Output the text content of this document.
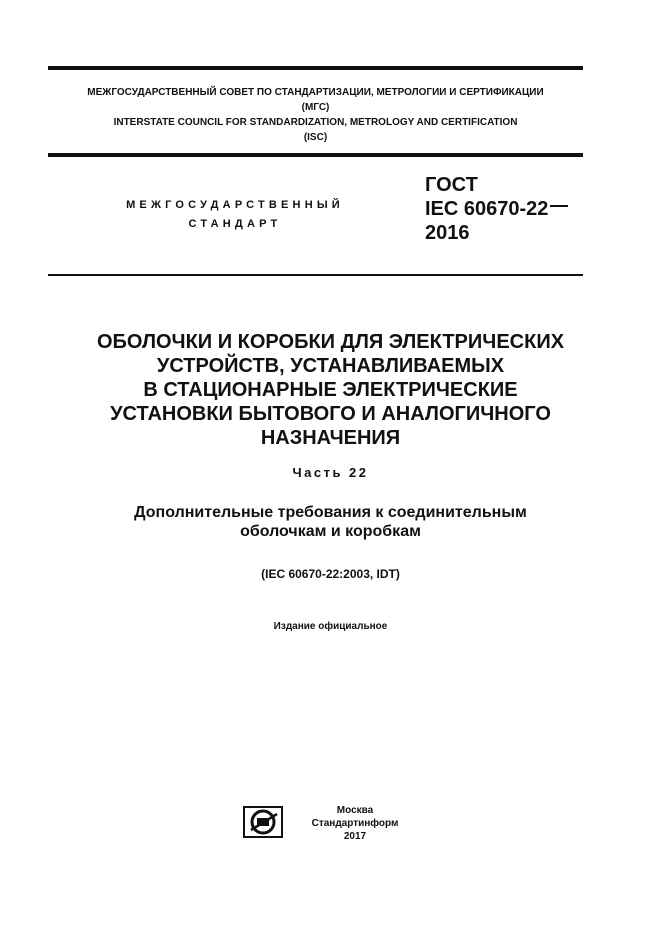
МЕЖГОСУДАРСТВЕННЫЙ СОВЕТ ПО СТАНДАРТИЗАЦИИ, МЕТРОЛОГИИ И СЕРТИФИКАЦИИ
(МГС)
INTERSTATE COUNCIL FOR STANDARDIZATION, METROLOGY AND CERTIFICATION
(ISC)
МЕЖГОСУДАРСТВЕННЫЙ
СТАНДАРТ
ГОСТ
IEC 60670-22
2016
ОБОЛОЧКИ И КОРОБКИ ДЛЯ ЭЛЕКТРИЧЕСКИХ
УСТРОЙСТВ, УСТАНАВЛИВАЕМЫХ
В СТАЦИОНАРНЫЕ ЭЛЕКТРИЧЕСКИЕ
УСТАНОВКИ БЫТОВОГО И АНАЛОГИЧНОГО
НАЗНАЧЕНИЯ
Часть 22
Дополнительные требования к соединительным
оболочкам и коробкам
(IEC 60670-22:2003, IDT)
Издание официальное
Москва
Стандартинформ
2017
